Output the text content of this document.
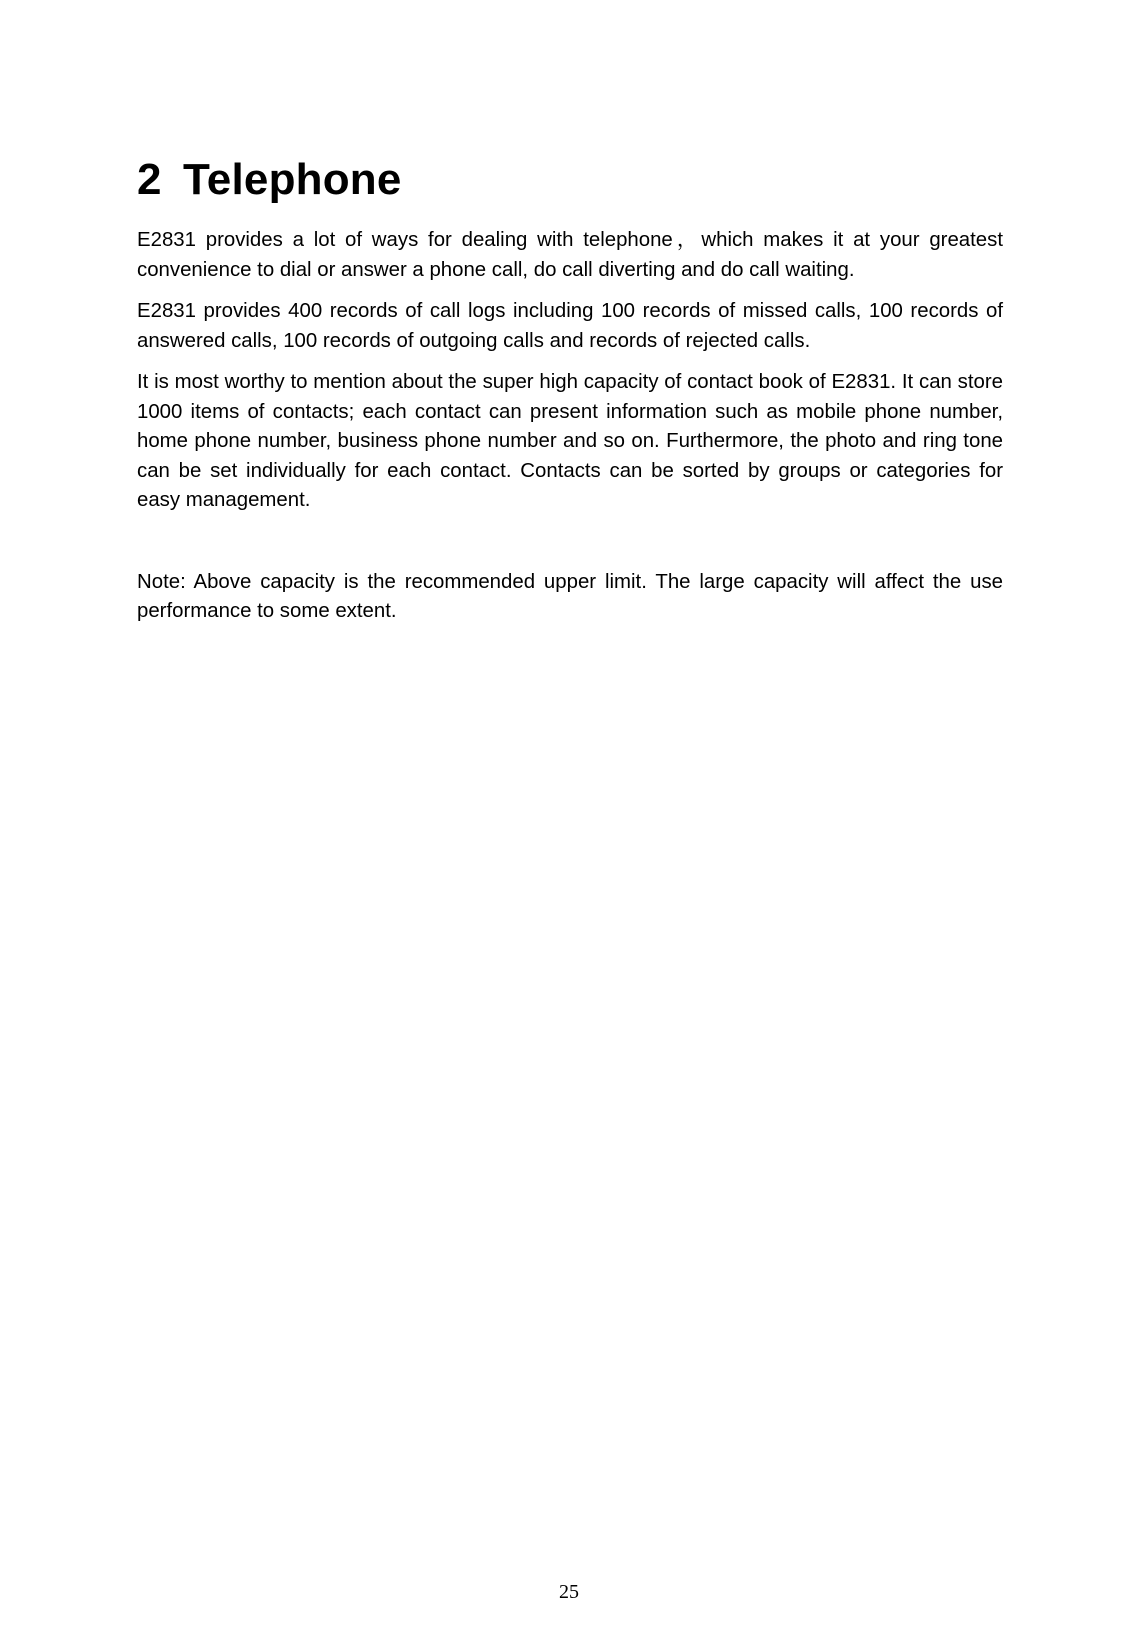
2 Telephone

E2831 provides a lot of ways for dealing with telephone，which makes it at your greatest convenience to dial or answer a phone call, do call diverting and do call waiting.

E2831 provides 400 records of call logs including 100 records of missed calls, 100 records of answered calls, 100 records of outgoing calls and records of rejected calls.

It is most worthy to mention about the super high capacity of contact book of E2831. It can store 1000 items of contacts; each contact can present information such as mobile phone number, home phone number, business phone number and so on. Furthermore, the photo and ring tone can be set individually for each contact. Contacts can be sorted by groups or categories for easy management.

Note: Above capacity is the recommended upper limit. The large capacity will affect the use performance to some extent.

25
